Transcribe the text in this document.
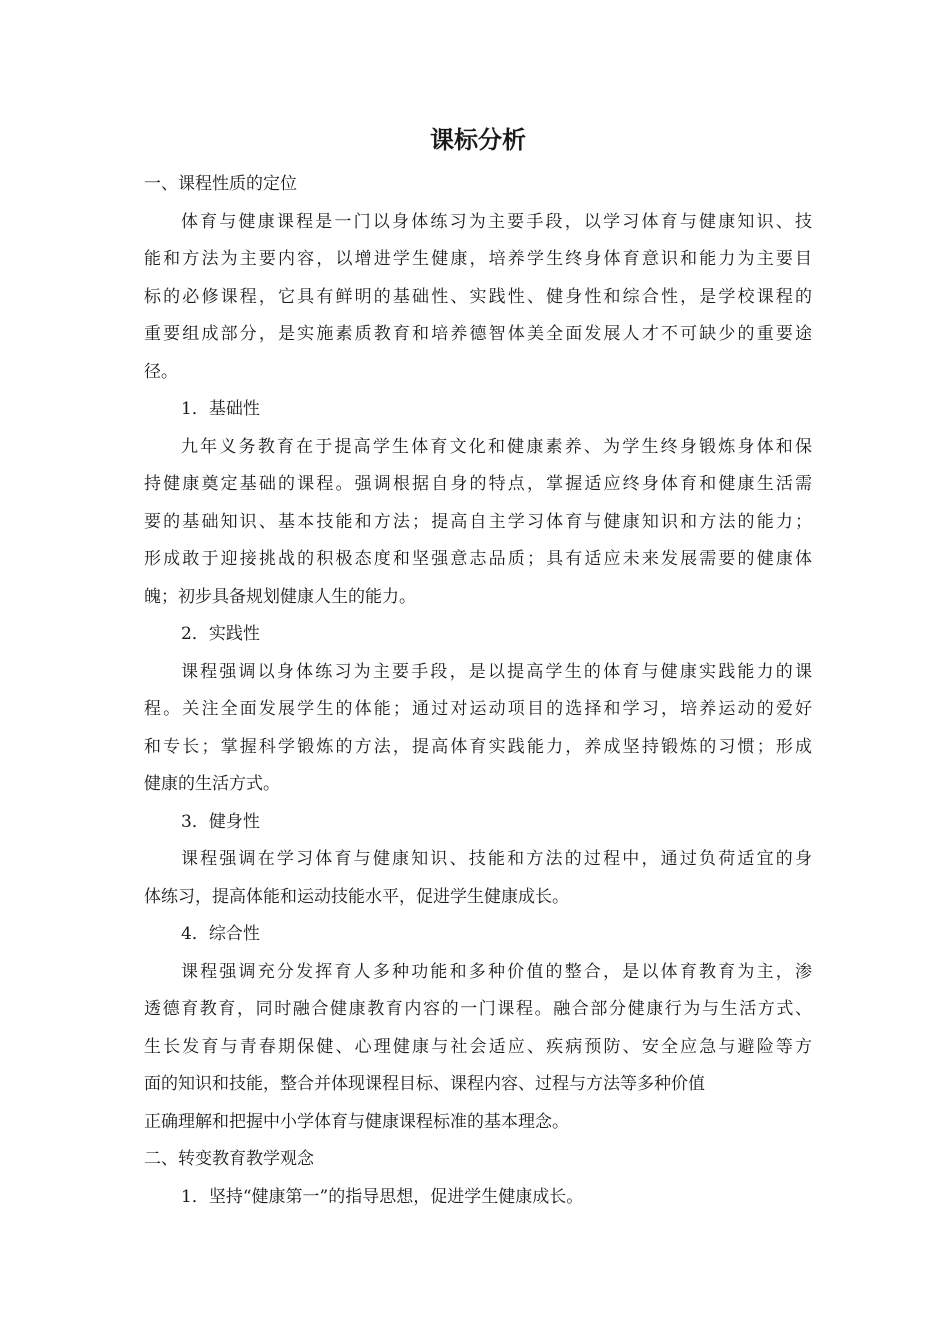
课标分析

一、课程性质的定位

体育与健康课程是一门以身体练习为主要手段，以学习体育与健康知识、技

能和方法为主要内容，以增进学生健康，培养学生终身体育意识和能力为主要目

标的必修课程，它具有鲜明的基础性、实践性、健身性和综合性，是学校课程的

重要组成部分，是实施素质教育和培养德智体美全面发展人才不可缺少的重要途

径。

1．基础性

九年义务教育在于提高学生体育文化和健康素养、为学生终身锻炼身体和保

持健康奠定基础的课程。强调根据自身的特点，掌握适应终身体育和健康生活需

要的基础知识、基本技能和方法；提高自主学习体育与健康知识和方法的能力；

形成敢于迎接挑战的积极态度和坚强意志品质；具有适应未来发展需要的健康体

魄；初步具备规划健康人生的能力。

2．实践性

课程强调以身体练习为主要手段，是以提高学生的体育与健康实践能力的课

程。关注全面发展学生的体能；通过对运动项目的选择和学习，培养运动的爱好

和专长；掌握科学锻炼的方法，提高体育实践能力，养成坚持锻炼的习惯；形成

健康的生活方式。

3．健身性

课程强调在学习体育与健康知识、技能和方法的过程中，通过负荷适宜的身

体练习，提高体能和运动技能水平，促进学生健康成长。

4．综合性

课程强调充分发挥育人多种功能和多种价值的整合，是以体育教育为主，渗

透德育教育，同时融合健康教育内容的一门课程。融合部分健康行为与生活方式、

生长发育与青春期保健、心理健康与社会适应、疾病预防、安全应急与避险等方

面的知识和技能，整合并体现课程目标、课程内容、过程与方法等多种价值

正确理解和把握中小学体育与健康课程标准的基本理念。

二、转变教育教学观念

1．坚持“健康第一”的指导思想，促进学生健康成长。
